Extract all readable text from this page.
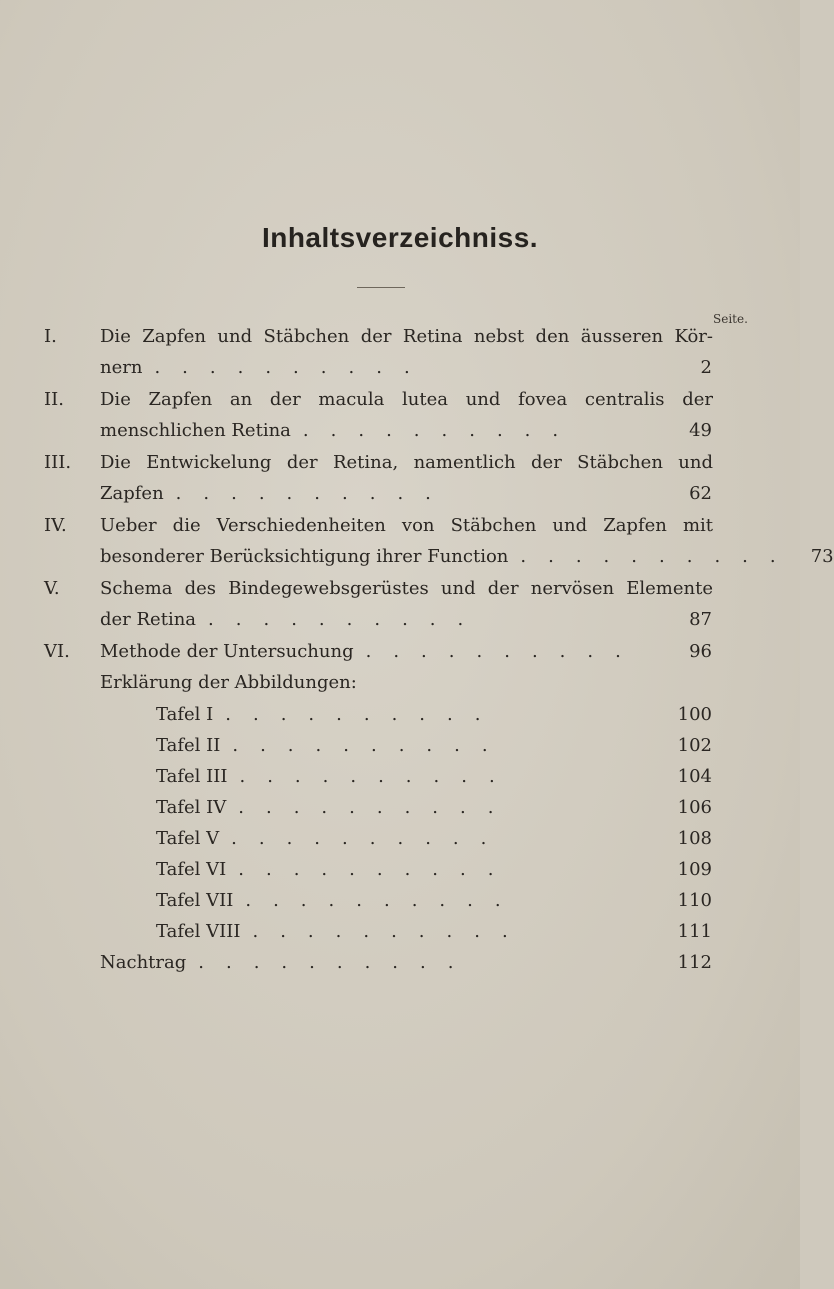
Inhaltsverzeichniss.
Seite.
I. Die Zapfen und Stäbchen der Retina nebst den äusseren Kör-
nern ..........	2
II. Die Zapfen an der macula lutea und fovea centralis der
menschlichen Retina ..........	49
III. Die Entwickelung der Retina, namentlich der Stäbchen und
Zapfen ..........	62
IV. Ueber die Verschiedenheiten von Stäbchen und Zapfen mit
besonderer Berücksichtigung ihrer Function .......... 73
V. Schema des Bindegewebsgerüstes und der nervösen Elemente
der Retina ..........	87
VI. Methode der Untersuchung ..........	96
Erklärung der Abbildungen:
Tafel I ..........	100
Tafel II ..........	102
Tafel III ..........	104
Tafel IV ..........	106
Tafel V ..........	108
Tafel VI ..........	109
Tafel VII ..........	110
Tafel VIII ..........	111
Nachtrag ..........	112
